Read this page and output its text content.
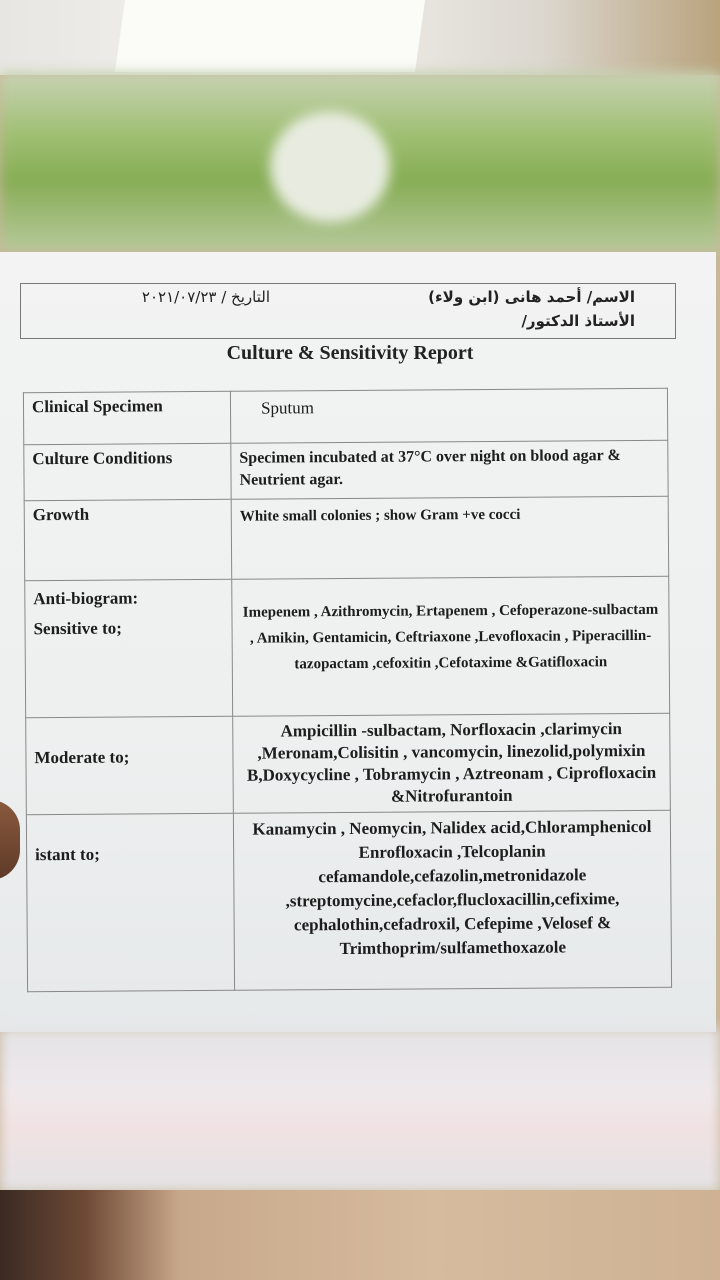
الاسم/ أحمد هانى (ابن ولاء)
الأستاذ الدكتور/
التاريخ / ٢٠٢١/٠٧/٢٣
Culture & Sensitivity Report
Clinical Specimen	Sputum
Culture Conditions	Specimen incubated at 37°C over night on blood agar & Neutrient agar.
Growth	White small colonies ; show Gram +ve cocci

Anti-biogram:
Sensitive to;	Imepenem , Azithromycin, Ertapenem , Cefoperazone-sulbactam , Amikin, Gentamicin, Ceftriaxone ,Levofloxacin , Piperacillin-tazopactam ,cefoxitin ,Cefotaxime &Gatifloxacin
Moderate to;	Ampicillin -sulbactam, Norfloxacin ,clarimycin ,Meronam,Colisitin , vancomycin, linezolid,polymixin B,Doxycycline , Tobramycin , Aztreonam , Ciprofloxacin &Nitrofurantoin
istant to;	Kanamycin , Neomycin, Nalidex acid,Chloramphenicol Enrofloxacin ,Telcoplanin cefamandole,cefazolin,metronidazole ,streptomycine,cefaclor,flucloxacillin,cefixime, cephalothin,cefadroxil, Cefepime ,Velosef & Trimthoprim/sulfamethoxazole
